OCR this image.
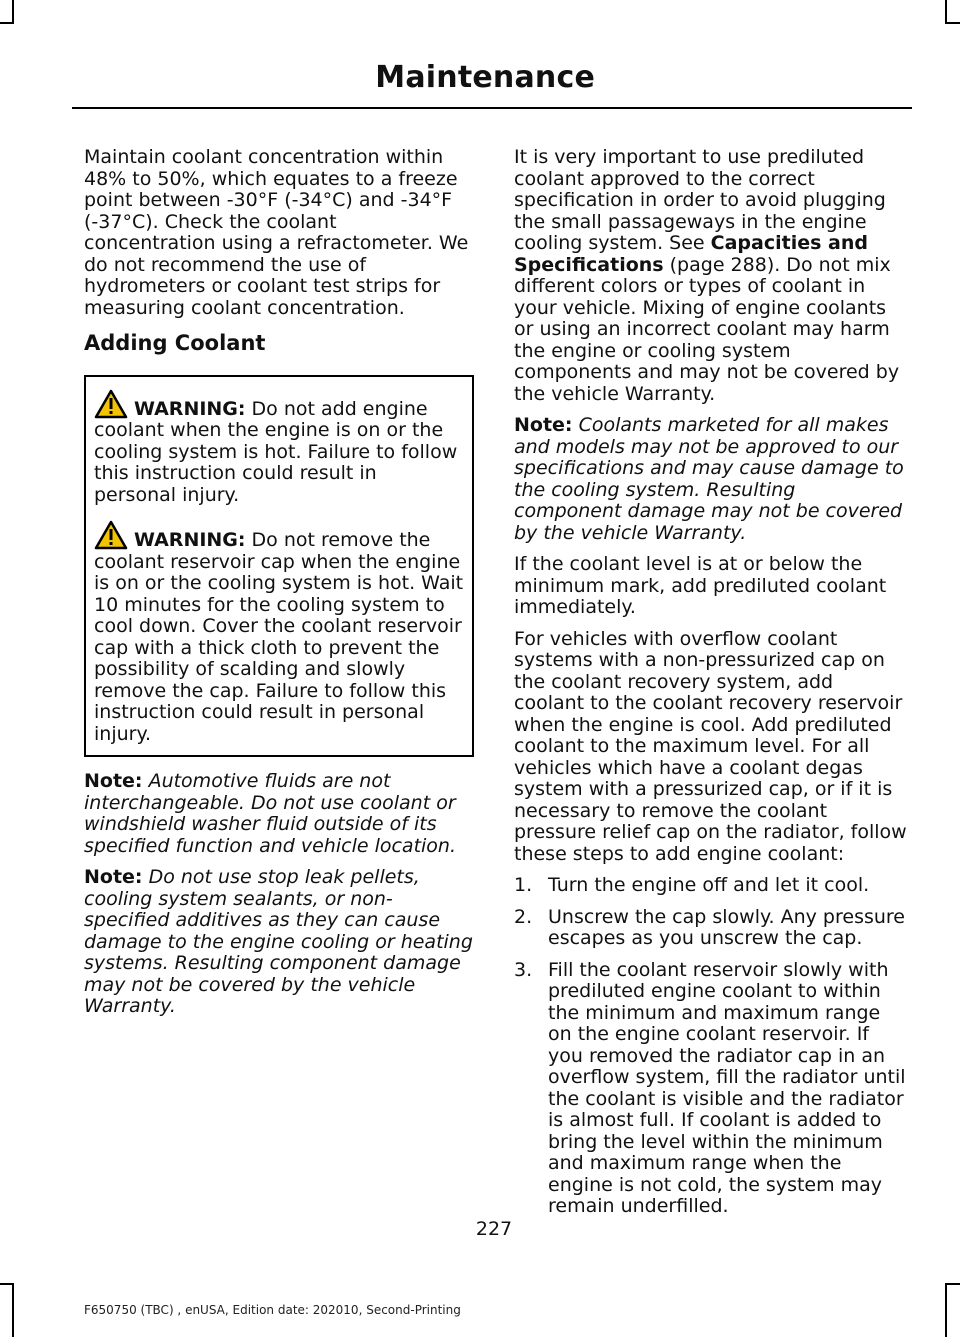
Maintenance

Maintain coolant concentration within 48% to 50%, which equates to a freeze point between -30°F (-34°C) and -34°F (-37°C). Check the coolant concentration using a refractometer. We do not recommend the use of hydrometers or coolant test strips for measuring coolant concentration.

Adding Coolant
WARNING: Do not add engine coolant when the engine is on or the cooling system is hot. Failure to follow this instruction could result in personal injury.
WARNING: Do not remove the coolant reservoir cap when the engine is on or the cooling system is hot. Wait 10 minutes for the cooling system to cool down. Cover the coolant reservoir cap with a thick cloth to prevent the possibility of scalding and slowly remove the cap. Failure to follow this instruction could result in personal injury.

Note: Automotive fluids are not interchangeable. Do not use coolant or windshield washer fluid outside of its specified function and vehicle location.

Note: Do not use stop leak pellets, cooling system sealants, or non-specified additives as they can cause damage to the engine cooling or heating systems. Resulting component damage may not be covered by the vehicle Warranty.

It is very important to use prediluted coolant approved to the correct specification in order to avoid plugging the small passageways in the engine cooling system. See Capacities and Specifications (page 288). Do not mix different colors or types of coolant in your vehicle. Mixing of engine coolants or using an incorrect coolant may harm the engine or cooling system components and may not be covered by the vehicle Warranty.

Note: Coolants marketed for all makes and models may not be approved to our specifications and may cause damage to the cooling system. Resulting component damage may not be covered by the vehicle Warranty.

If the coolant level is at or below the minimum mark, add prediluted coolant immediately.

For vehicles with overflow coolant systems with a non-pressurized cap on the coolant recovery system, add coolant to the coolant recovery reservoir when the engine is cool. Add prediluted coolant to the maximum level. For all vehicles which have a coolant degas system with a pressurized cap, or if it is necessary to remove the coolant pressure relief cap on the radiator, follow these steps to add engine coolant:

1. Turn the engine off and let it cool.
2. Unscrew the cap slowly. Any pressure escapes as you unscrew the cap.
3. Fill the coolant reservoir slowly with prediluted engine coolant to within the minimum and maximum range on the engine coolant reservoir. If you removed the radiator cap in an overflow system, fill the radiator until the coolant is visible and the radiator is almost full. If coolant is added to bring the level within the minimum and maximum range when the engine is not cold, the system may remain underfilled.
227
F650750 (TBC) , enUSA, Edition date: 202010, Second-Printing
